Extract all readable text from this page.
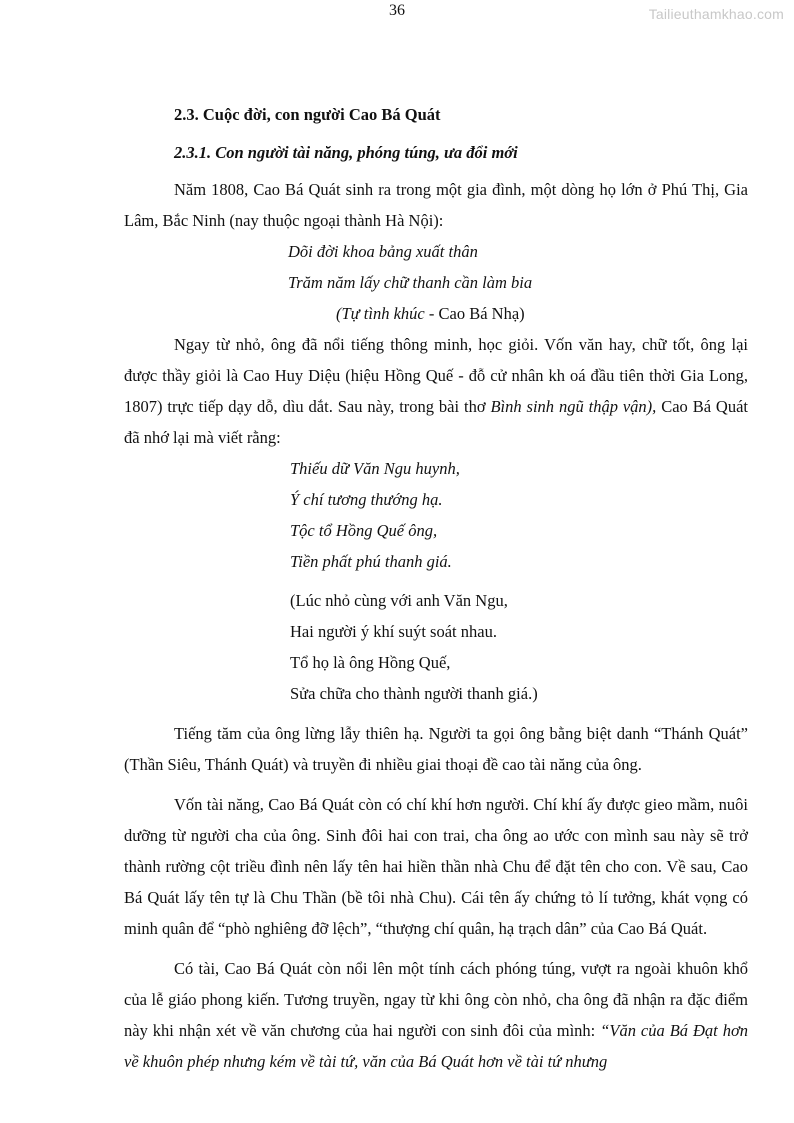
36	Tailieuthamkhao.com
2.3. Cuộc đời, con người Cao Bá Quát
2.3.1. Con người tài năng, phóng túng, ưa đổi mới

Năm 1808, Cao Bá Quát sinh ra trong một gia đình, một dòng họ lớn ở Phú Thị, Gia Lâm, Bắc Ninh (nay thuộc ngoại thành Hà Nội):

Dõi đời khoa bảng xuất thân
Trăm năm lấy chữ thanh cần làm bia
(Tự tình khúc - Cao Bá Nhạ)

Ngay từ nhỏ, ông đã nổi tiếng thông minh, học giỏi. Vốn văn hay, chữ tốt, ông lại được thầy giỏi là Cao Huy Diệu (hiệu Hồng Quế - đỗ cử nhân kh oá đầu tiên thời Gia Long, 1807) trực tiếp dạy dỗ, dìu dắt. Sau này, trong bài thơ Bình sinh ngũ thập vận), Cao Bá Quát đã nhớ lại mà viết rằng:

Thiếu dữ Văn Ngu huynh,
Ý chí tương thướng hạ.
Tộc tổ Hồng Quế ông,
Tiền phất phú thanh giá.
(Lúc nhỏ cùng với anh Văn Ngu,
Hai người ý khí suýt soát nhau.
Tổ họ là ông Hồng Quế,
Sửa chữa cho thành người thanh giá.)

Tiếng tăm của ông lừng lẫy thiên hạ. Người ta gọi ông bằng biệt danh “Thánh Quát” (Thần Siêu, Thánh Quát) và truyền đi nhiều giai thoại đề cao tài năng của ông.

Vốn tài năng, Cao Bá Quát còn có chí khí hơn người. Chí khí ấy được gieo mầm, nuôi dưỡng từ người cha của ông. Sinh đôi hai con trai, cha ông ao ước con mình sau này sẽ trở thành rường cột triều đình nên lấy tên hai hiền thần nhà Chu để đặt tên cho con. Về sau, Cao Bá Quát lấy tên tự là Chu Thần (bề tôi nhà Chu). Cái tên ấy chứng tỏ lí tưởng, khát vọng có minh quân để “phò nghiêng đỡ lệch”, “thượng chí quân, hạ trạch dân” của Cao Bá Quát.

Có tài, Cao Bá Quát còn nổi lên một tính cách phóng túng, vượt ra ngoài khuôn khổ của lễ giáo phong kiến. Tương truyền, ngay từ khi ông còn nhỏ, cha ông đã nhận ra đặc điểm này khi nhận xét về văn chương của hai người con sinh đôi của mình: “Văn của Bá Đạt hơn về khuôn phép nhưng kém về tài tứ, văn của Bá Quát hơn về tài tứ nhưng
